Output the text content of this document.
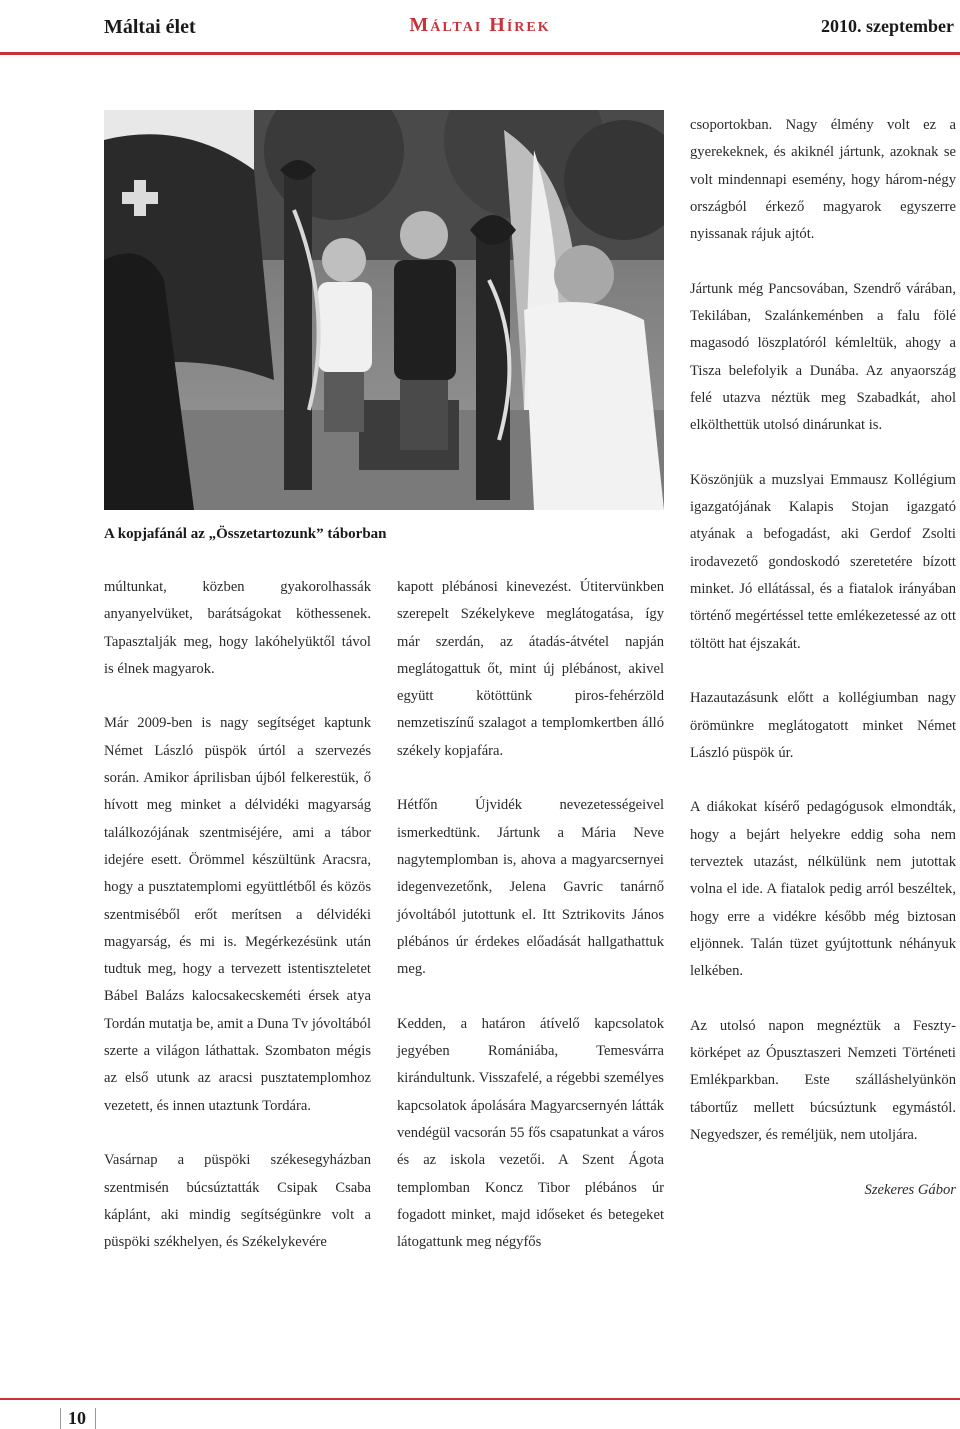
Máltai élet	Máltai Hírek	2010. szeptember
A kopjafánál az „Összetartozunk” táborban

múltunkat, közben gyakorolhassák anyanyelvüket, barátságokat köthessenek. Tapasztalják meg, hogy lakóhelyüktől távol is élnek magyarok.

Már 2009-ben is nagy segítséget kaptunk Német László püspök úrtól a szervezés során. Amikor áprilisban újból felkerestük, ő hívott meg minket a délvidéki magyarság találkozójának szentmiséjére, ami a tábor idejére esett. Örömmel készültünk Aracsra, hogy a pusztatemplomi együttlétből és közös szentmiséből erőt merítsen a délvidéki magyarság, és mi is. Megérkezésünk után tudtuk meg, hogy a tervezett istentiszteletet Bábel Balázs kalocsakecskeméti érsek atya Tordán mutatja be, amit a Duna Tv jóvoltából szerte a világon láthattak. Szombaton mégis az első utunk az aracsi pusztatemplomhoz vezetett, és innen utaztunk Tordára.

Vasárnap a püspöki székesegyházban szentmisén búcsúztatták Csipak Csaba káplánt, aki mindig segítségünkre volt a püspöki székhelyen, és Székelykevére

kapott plébánosi kinevezést. Útitervünkben szerepelt Székelykeve meglátogatása, így már szerdán, az átadás-átvétel napján meglátogattuk őt, mint új plébánost, akivel együtt kötöttünk piros-fehérzöld nemzetiszínű szalagot a templomkertben álló székely kopjafára.

Hétfőn Újvidék nevezetességeivel ismerkedtünk. Jártunk a Mária Neve nagytemplomban is, ahova a magyarcsernyei idegenvezetőnk, Jelena Gavric tanárnő jóvoltából jutottunk el. Itt Sztrikovits János plébános úr érdekes előadását hallgathattuk meg.

Kedden, a határon átívelő kapcsolatok jegyében Romániába, Temesvárra kirándultunk. Visszafelé, a régebbi személyes kapcsolatok ápolására Magyarcsernyén látták vendégül vacsorán 55 fős csapatunkat a város és az iskola vezetői. A Szent Ágota templomban Koncz Tibor plébános úr fogadott minket, majd időseket és betegeket látogattunk meg négyfős

csoportokban. Nagy élmény volt ez a gyerekeknek, és akiknél jártunk, azoknak se volt mindennapi esemény, hogy három-négy országból érkező magyarok egyszerre nyissanak rájuk ajtót.

Jártunk még Pancsovában, Szendrő várában, Tekilában, Szalánkeménben a falu fölé magasodó löszplatóról kémleltük, ahogy a Tisza belefolyik a Dunába. Az anyaország felé utazva néztük meg Szabadkát, ahol elkölthettük utolsó dinárunkat is.

Köszönjük a muzslyai Emmausz Kollégium igazgatójának Kalapis Stojan igazgató atyának a befogadást, aki Gerdof Zsolti irodavezető gondoskodó szeretetére bízott minket. Jó ellátással, és a fiatalok irányában történő megértéssel tette emlékezetessé az ott töltött hat éjszakát.

Hazautazásunk előtt a kollégiumban nagy örömünkre meglátogatott minket Német László püspök úr.

A diákokat kísérő pedagógusok elmondták, hogy a bejárt helyekre eddig soha nem terveztek utazást, nélkülünk nem jutottak volna el ide. A fiatalok pedig arról beszéltek, hogy erre a vidékre később még biztosan eljönnek. Talán tüzet gyújtottunk néhányuk lelkében.

Az utolsó napon megnéztük a Feszty-körképet az Ópusztaszeri Nemzeti Történeti Emlékparkban. Este szálláshelyünkön tábortűz mellett búcsúztunk egymástól. Negyedszer, és reméljük, nem utoljára.

Szekeres Gábor

10
